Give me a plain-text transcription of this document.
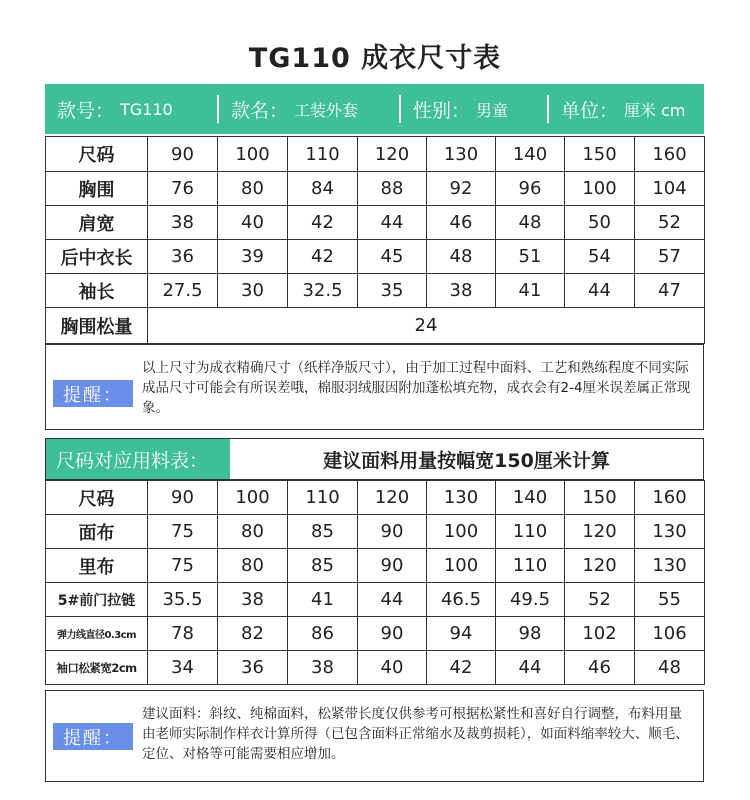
TG110 成衣尺寸表
款号： TG110	款名： 工装外套	性别： 男童	单位： 厘米 cm
尺码	90	100	110	120	130	140	150	160
胸围	76	80	84	88	92	96	100	104
肩宽	38	40	42	44	46	48	50	52
后中衣长	36	39	42	45	48	51	54	57
袖长	27.5	30	32.5	35	38	41	44	47
胸围松量	24							
提醒：
以上尺寸为成衣精确尺寸（纸样净版尺寸），由于加工过程中面料、工艺和熟练程度不同实际成品尺寸可能会有所误差哦，棉服羽绒服因附加蓬松填充物，成衣会有2-4厘米误差属正常现象。
尺码对应用料表：	建议面料用量按幅宽150厘米计算
尺码	90	100	110	120	130	140	150	160
面布	75	80	85	90	100	110	120	130
里布	75	80	85	90	100	110	120	130
5#前门拉链	35.5	38	41	44	46.5	49.5	52	55
弹力线直径0.3cm	78	82	86	90	94	98	102	106
袖口松紧宽2cm	34	36	38	40	42	44	46	48
提醒：
建议面料：斜纹、纯棉面料，松紧带长度仅供参考可根据松紧性和喜好自行调整，布料用量由老师实际制作样衣计算所得（已包含面料正常缩水及裁剪损耗），如面料缩率较大、顺毛、定位、对格等可能需要相应增加。
